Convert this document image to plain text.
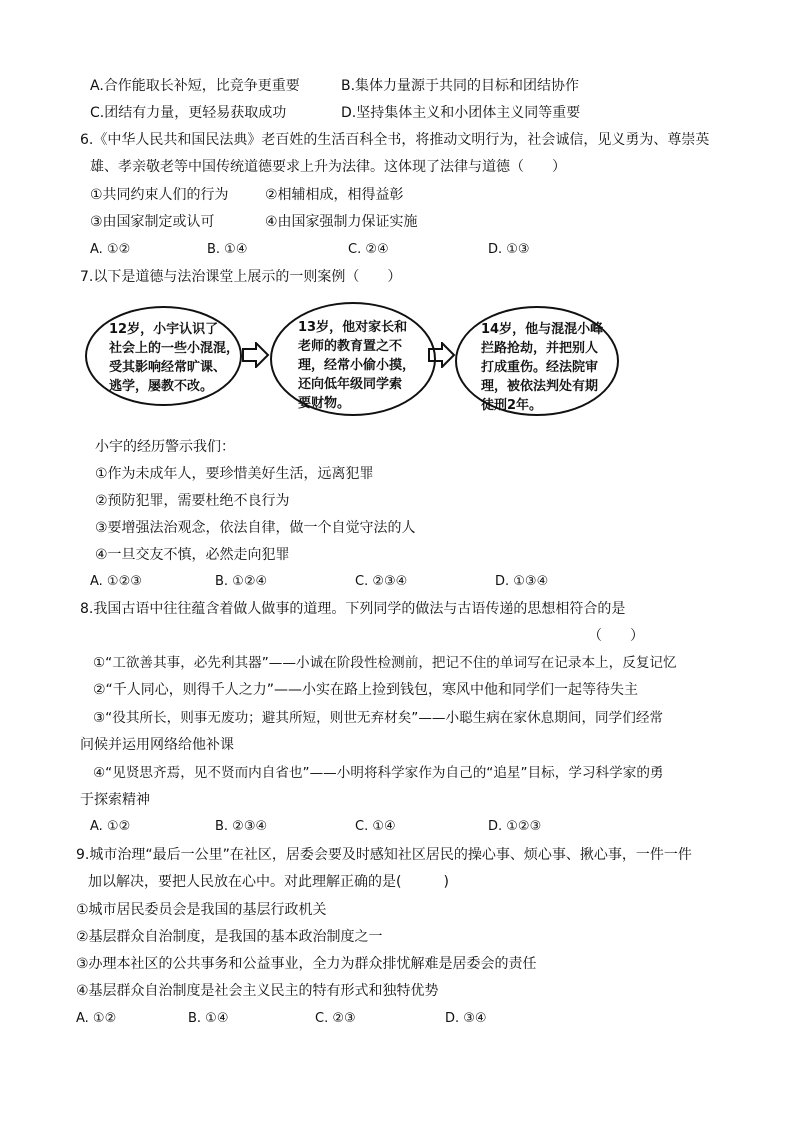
A.合作能取长补短，比竞争更重要	B.集体力量源于共同的目标和团结协作
C.团结有力量，更轻易获取成功	D.坚持集体主义和小团体主义同等重要
6.《中华人民共和国民法典》老百姓的生活百科全书，将推动文明行为，社会诚信，见义勇为、尊崇英
雄、孝亲敬老等中国传统道德要求上升为法律。这体现了法律与道德（　　）
①共同约束人们的行为	②相辅相成，相得益彰
③由国家制定或认可	④由国家强制力保证实施
A. ①②	B. ①④	C. ②④	D. ①③
7.以下是道德与法治课堂上展示的一则案例（　　）
12岁，小宇认识了
社会上的一些小混混，
受其影响经常旷课、
逃学，屡教不改。
13岁，他对家长和
老师的教育置之不
理，经常小偷小摸，
还向低年级同学索
要财物。
14岁，他与混混小峰
拦路抢劫，并把别人
打成重伤。经法院审
理，被依法判处有期
徒刑2年。
小宇的经历警示我们：
①作为未成年人，要珍惜美好生活，远离犯罪
②预防犯罪，需要杜绝不良行为
③要增强法治观念，依法自律，做一个自觉守法的人
④一旦交友不慎，必然走向犯罪
A. ①②③	B. ①②④	C. ②③④	D. ①③④
8.我国古语中往往蕴含着做人做事的道理。下列同学的做法与古语传递的思想相符合的是
（　　）
①“工欲善其事，必先利其器”——小诚在阶段性检测前，把记不住的单词写在记录本上，反复记忆
②“千人同心，则得千人之力”——小实在路上捡到钱包，寒风中他和同学们一起等待失主
③“役其所长，则事无废功；避其所短，则世无弃材矣”——小聪生病在家休息期间，同学们经常
问候并运用网络给他补课
④“见贤思齐焉，见不贤而内自省也”——小明将科学家作为自己的“追星”目标，学习科学家的勇
于探索精神
A. ①②	B. ②③④	C. ①④	D. ①②③
9.城市治理“最后一公里”在社区，居委会要及时感知社区居民的操心事、烦心事、揪心事，一件一件
加以解决，要把人民放在心中。对此理解正确的是(　　　)
①城市居民委员会是我国的基层行政机关
②基层群众自治制度，是我国的基本政治制度之一
③办理本社区的公共事务和公益事业，全力为群众排忧解难是居委会的责任
④基层群众自治制度是社会主义民主的特有形式和独特优势
A. ①②	B. ①④	C. ②③	D. ③④
